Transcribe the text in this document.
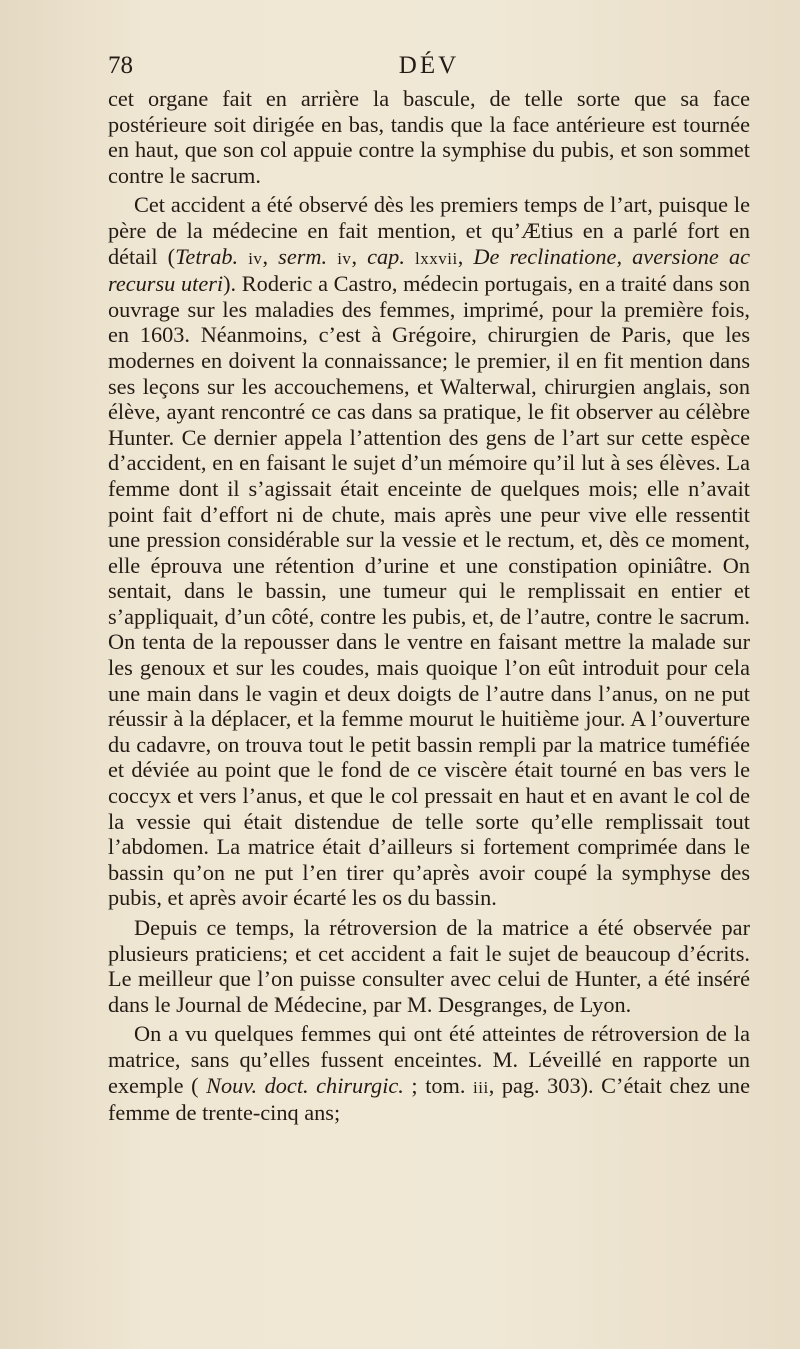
78	DÉV

cet organe fait en arrière la bascule, de telle sorte que sa face postérieure soit dirigée en bas, tandis que la face antérieure est tournée en haut, que son col appuie contre la symphise du pubis, et son sommet contre le sacrum.

Cet accident a été observé dès les premiers temps de l’art, puisque le père de la médecine en fait mention, et qu’Ætius en a parlé fort en détail (Tetrab. iv, serm. iv, cap. lxxvii, De reclinatione, aversione ac recursu uteri). Roderic a Castro, médecin portugais, en a traité dans son ouvrage sur les maladies des femmes, imprimé, pour la première fois, en 1603. Néanmoins, c’est à Grégoire, chirurgien de Paris, que les modernes en doivent la connaissance; le premier, il en fit mention dans ses leçons sur les accouchemens, et Walterwal, chirurgien anglais, son élève, ayant rencontré ce cas dans sa pratique, le fit observer au célèbre Hunter. Ce dernier appela l’attention des gens de l’art sur cette espèce d’accident, en en faisant le sujet d’un mémoire qu’il lut à ses élèves. La femme dont il s’agissait était enceinte de quelques mois; elle n’avait point fait d’effort ni de chute, mais après une peur vive elle ressentit une pression considérable sur la vessie et le rectum, et, dès ce moment, elle éprouva une rétention d’urine et une constipation opiniâtre. On sentait, dans le bassin, une tumeur qui le remplissait en entier et s’appliquait, d’un côté, contre les pubis, et, de l’autre, contre le sacrum. On tenta de la repousser dans le ventre en faisant mettre la malade sur les genoux et sur les coudes, mais quoique l’on eût introduit pour cela une main dans le vagin et deux doigts de l’autre dans l’anus, on ne put réussir à la déplacer, et la femme mourut le huitième jour. A l’ouverture du cadavre, on trouva tout le petit bassin rempli par la matrice tuméfiée et déviée au point que le fond de ce viscère était tourné en bas vers le coccyx et vers l’anus, et que le col pressait en haut et en avant le col de la vessie qui était distendue de telle sorte qu’elle remplissait tout l’abdomen. La matrice était d’ailleurs si fortement comprimée dans le bassin qu’on ne put l’en tirer qu’après avoir coupé la symphyse des pubis, et après avoir écarté les os du bassin.

Depuis ce temps, la rétroversion de la matrice a été observée par plusieurs praticiens; et cet accident a fait le sujet de beaucoup d’écrits. Le meilleur que l’on puisse consulter avec celui de Hunter, a été inséré dans le Journal de Médecine, par M. Desgranges, de Lyon.

On a vu quelques femmes qui ont été atteintes de rétroversion de la matrice, sans qu’elles fussent enceintes. M. Léveillé en rapporte un exemple ( Nouv. doct. chirurgic. ; tom. iii, pag. 303). C’était chez une femme de trente-cinq ans;
